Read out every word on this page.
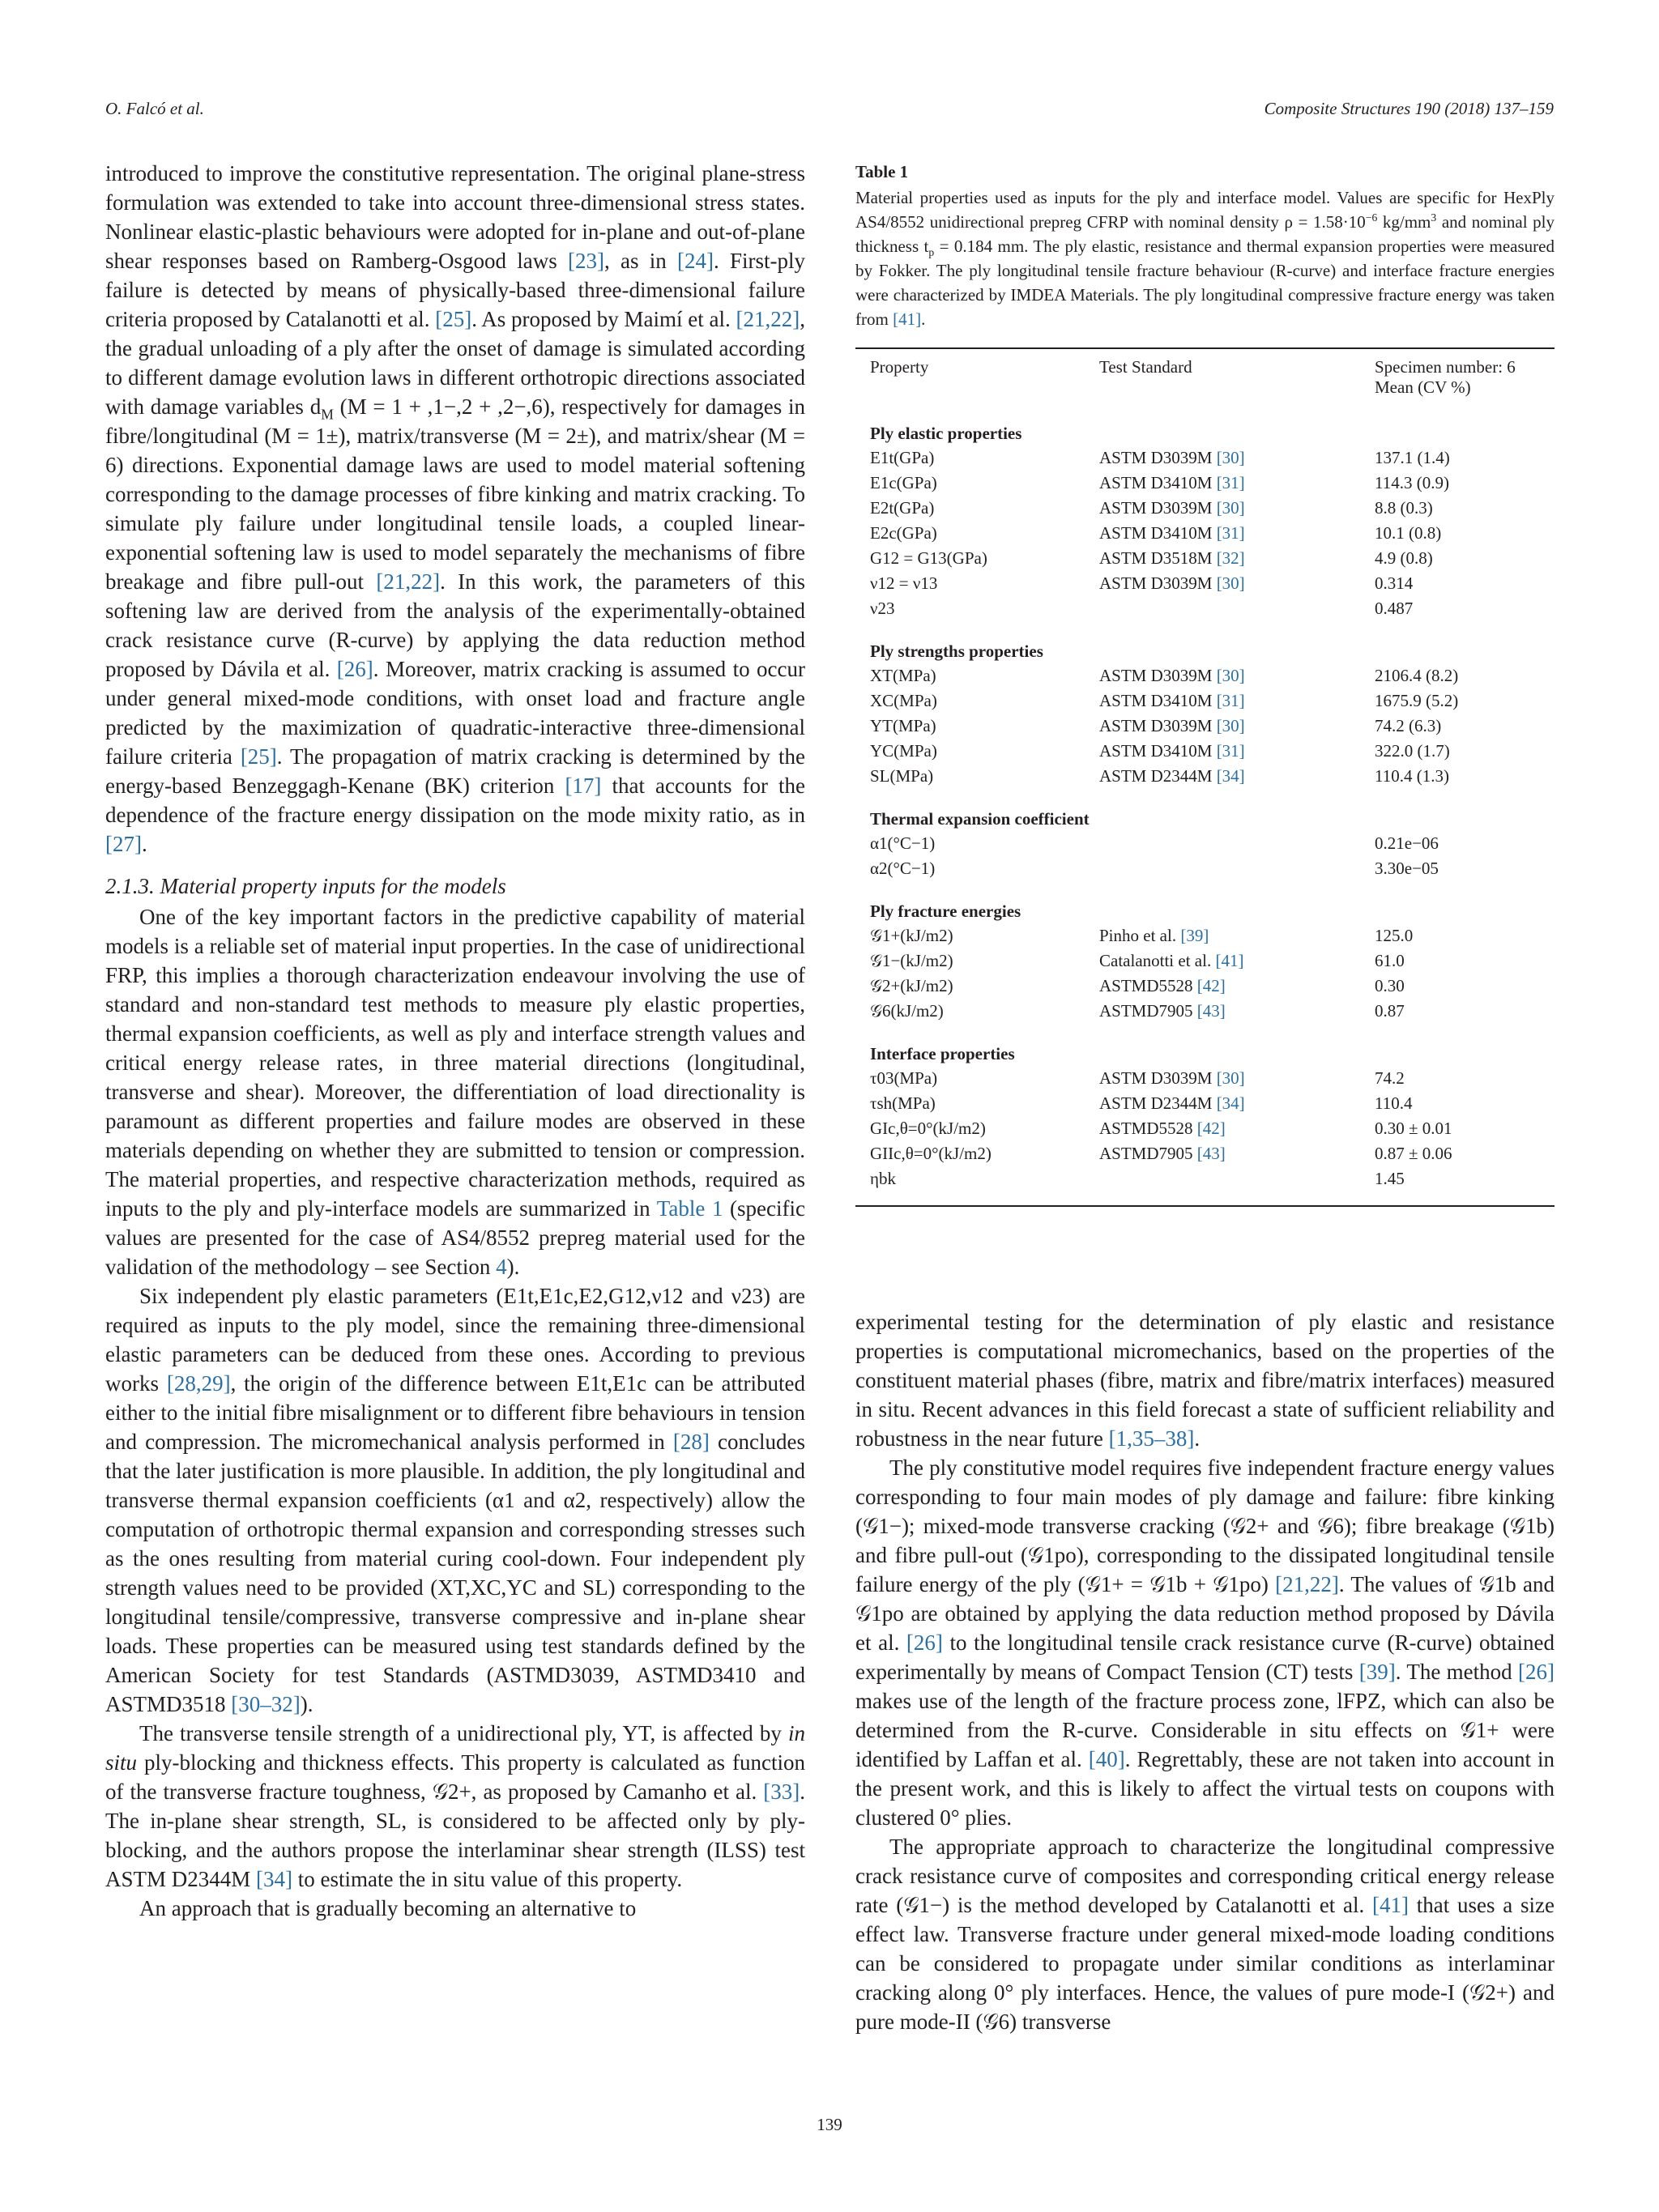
O. Falcó et al.	Composite Structures 190 (2018) 137–159

introduced to improve the constitutive representation. The original plane-stress formulation was extended to take into account three-dimensional stress states. Nonlinear elastic-plastic behaviours were adopted for in-plane and out-of-plane shear responses based on Ramberg-Osgood laws [23], as in [24]. First-ply failure is detected by means of physically-based three-dimensional failure criteria proposed by Catalanotti et al. [25]. As proposed by Maimí et al. [21,22], the gradual unloading of a ply after the onset of damage is simulated according to different damage evolution laws in different orthotropic directions associated with damage variables $d_M$ (M = 1 + ,1−,2 + ,2−,6), respectively for damages in fibre/longitudinal (M = 1±), matrix/transverse (M = 2±), and matrix/shear (M = 6) directions. Exponential damage laws are used to model material softening corresponding to the damage processes of fibre kinking and matrix cracking. To simulate ply failure under longitudinal tensile loads, a coupled linear-exponential softening law is used to model separately the mechanisms of fibre breakage and fibre pull-out [21,22]. In this work, the parameters of this softening law are derived from the analysis of the experimentally-obtained crack resistance curve (R-curve) by applying the data reduction method proposed by Dávila et al. [26]. Moreover, matrix cracking is assumed to occur under general mixed-mode conditions, with onset load and fracture angle predicted by the maximization of quadratic-interactive three-dimensional failure criteria [25]. The propagation of matrix cracking is determined by the energy-based Benzeggagh-Kenane (BK) criterion [17] that accounts for the dependence of the fracture energy dissipation on the mode mixity ratio, as in [27].

2.1.3. Material property inputs for the models

One of the key important factors in the predictive capability of material models is a reliable set of material input properties. In the case of unidirectional FRP, this implies a thorough characterization endeavour involving the use of standard and non-standard test methods to measure ply elastic properties, thermal expansion coefficients, as well as ply and interface strength values and critical energy release rates, in three material directions (longitudinal, transverse and shear). Moreover, the differentiation of load directionality is paramount as different properties and failure modes are observed in these materials depending on whether they are submitted to tension or compression. The material properties, and respective characterization methods, required as inputs to the ply and ply-interface models are summarized in Table 1 (specific values are presented for the case of AS4/8552 prepreg material used for the validation of the methodology – see Section 4).

Six independent ply elastic parameters (E1t,E1c,E2,G12,ν12 and ν23) are required as inputs to the ply model, since the remaining three-dimensional elastic parameters can be deduced from these ones. According to previous works [28,29], the origin of the difference between E1t,E1c can be attributed either to the initial fibre misalignment or to different fibre behaviours in tension and compression. The micromechanical analysis performed in [28] concludes that the later justification is more plausible. In addition, the ply longitudinal and transverse thermal expansion coefficients (α1 and α2, respectively) allow the computation of orthotropic thermal expansion and corresponding stresses such as the ones resulting from material curing cool-down. Four independent ply strength values need to be provided (XT,XC,YC and SL) corresponding to the longitudinal tensile/compressive, transverse compressive and in-plane shear loads. These properties can be measured using test standards defined by the American Society for test Standards (ASTMD3039, ASTMD3410 and ASTMD3518 [30–32]).

The transverse tensile strength of a unidirectional ply, YT, is affected by in situ ply-blocking and thickness effects. This property is calculated as function of the transverse fracture toughness, 𝒢2+, as proposed by Camanho et al. [33]. The in-plane shear strength, SL, is considered to be affected only by ply-blocking, and the authors propose the interlaminar shear strength (ILSS) test ASTM D2344M [34] to estimate the in situ value of this property.

An approach that is gradually becoming an alternative to

Table 1
Material properties used as inputs for the ply and interface model. Values are specific for HexPly AS4/8552 unidirectional prepreg CFRP with nominal density $\rho = 1.58\cdot 10^{-6}$ $kg/mm^3$ and nominal ply thickness $t_p = 0.184$ mm. The ply elastic, resistance and thermal expansion properties were measured by Fokker. The ply longitudinal tensile fracture behaviour (R-curve) and interface fracture energies were characterized by IMDEA Materials. The ply longitudinal compressive fracture energy was taken from [41].
Property	Test Standard	Specimen number: 6
Mean (CV %)
Ply elastic properties		
E1t(GPa)	ASTM D3039M [30]	137.1 (1.4)
E1c(GPa)	ASTM D3410M [31]	114.3 (0.9)
E2t(GPa)	ASTM D3039M [30]	8.8 (0.3)
E2c(GPa)	ASTM D3410M [31]	10.1 (0.8)
G12 = G13(GPa)	ASTM D3518M [32]	4.9 (0.8)
ν12 = ν13	ASTM D3039M [30]	0.314
ν23		0.487
Ply strengths properties		
XT(MPa)	ASTM D3039M [30]	2106.4 (8.2)
XC(MPa)	ASTM D3410M [31]	1675.9 (5.2)
YT(MPa)	ASTM D3039M [30]	74.2 (6.3)
YC(MPa)	ASTM D3410M [31]	322.0 (1.7)
SL(MPa)	ASTM D2344M [34]	110.4 (1.3)
Thermal expansion coefficient		
α1(°C−1)		0.21e−06
α2(°C−1)		3.30e−05
Ply fracture energies		
𝒢1+(kJ/m2)	Pinho et al. [39]	125.0
𝒢1−(kJ/m2)	Catalanotti et al. [41]	61.0
𝒢2+(kJ/m2)	ASTMD5528 [42]	0.30
𝒢6(kJ/m2)	ASTMD7905 [43]	0.87
Interface properties		
τ03(MPa)	ASTM D3039M [30]	74.2
τsh(MPa)	ASTM D2344M [34]	110.4
GIc,θ=0°(kJ/m2)	ASTMD5528 [42]	0.30 ± 0.01
GIIc,θ=0°(kJ/m2)	ASTMD7905 [43]	0.87 ± 0.06
ηbk		1.45

experimental testing for the determination of ply elastic and resistance properties is computational micromechanics, based on the properties of the constituent material phases (fibre, matrix and fibre/matrix interfaces) measured in situ. Recent advances in this field forecast a state of sufficient reliability and robustness in the near future [1,35–38].

The ply constitutive model requires five independent fracture energy values corresponding to four main modes of ply damage and failure: fibre kinking (𝒢1−); mixed-mode transverse cracking (𝒢2+ and 𝒢6); fibre breakage (𝒢1b) and fibre pull-out (𝒢1po), corresponding to the dissipated longitudinal tensile failure energy of the ply (𝒢1+ = 𝒢1b + 𝒢1po) [21,22]. The values of 𝒢1b and 𝒢1po are obtained by applying the data reduction method proposed by Dávila et al. [26] to the longitudinal tensile crack resistance curve (R-curve) obtained experimentally by means of Compact Tension (CT) tests [39]. The method [26] makes use of the length of the fracture process zone, lFPZ, which can also be determined from the R-curve. Considerable in situ effects on 𝒢1+ were identified by Laffan et al. [40]. Regrettably, these are not taken into account in the present work, and this is likely to affect the virtual tests on coupons with clustered 0° plies.

The appropriate approach to characterize the longitudinal compressive crack resistance curve of composites and corresponding critical energy release rate (𝒢1−) is the method developed by Catalanotti et al. [41] that uses a size effect law. Transverse fracture under general mixed-mode loading conditions can be considered to propagate under similar conditions as interlaminar cracking along 0° ply interfaces. Hence, the values of pure mode-I (𝒢2+) and pure mode-II (𝒢6) transverse

139
